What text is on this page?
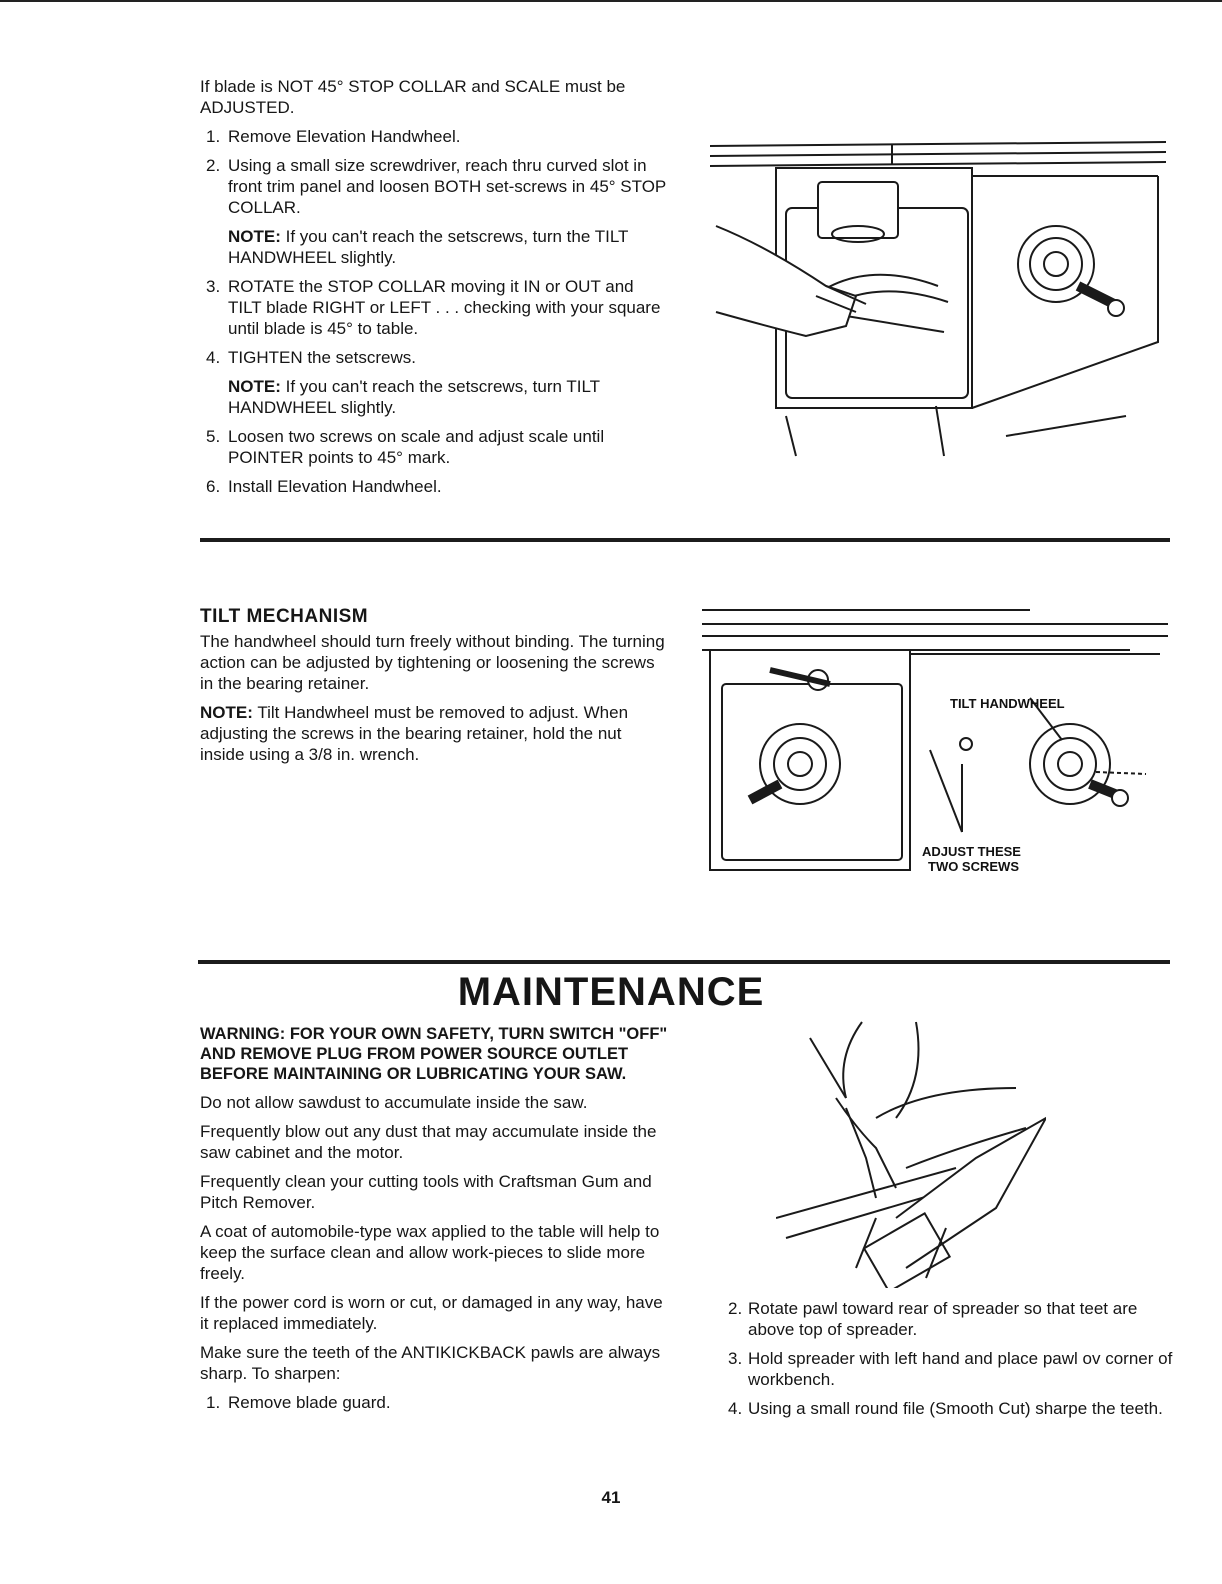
If blade is NOT 45° STOP COLLAR and SCALE must be ADJUSTED.

1. Remove Elevation Handwheel.
2. Using a small size screwdriver, reach thru curved slot in front trim panel and loosen BOTH set-screws in 45° STOP COLLAR.
NOTE: If you can't reach the setscrews, turn the TILT HANDWHEEL slightly.
3. ROTATE the STOP COLLAR moving it IN or OUT and TILT blade RIGHT or LEFT . . . checking with your square until blade is 45° to table.
4. TIGHTEN the setscrews.
NOTE: If you can't reach the setscrews, turn TILT HANDWHEEL slightly.
5. Loosen two screws on scale and adjust scale until POINTER points to 45° mark.
6. Install Elevation Handwheel.
TILT MECHANISM

The handwheel should turn freely without binding. The turning action can be adjusted by tightening or loosening the screws in the bearing retainer.

NOTE: Tilt Handwheel must be removed to adjust. When adjusting the screws in the bearing retainer, hold the nut inside using a 3/8 in. wrench.

TILT HANDWHEEL
ADJUST THESE
TWO SCREWS
MAINTENANCE
WARNING: FOR YOUR OWN SAFETY, TURN SWITCH "OFF" AND REMOVE PLUG FROM POWER SOURCE OUTLET BEFORE MAINTAINING OR LUBRICATING YOUR SAW.

Do not allow sawdust to accumulate inside the saw.

Frequently blow out any dust that may accumulate inside the saw cabinet and the motor.

Frequently clean your cutting tools with Craftsman Gum and Pitch Remover.

A coat of automobile-type wax applied to the table will help to keep the surface clean and allow work-pieces to slide more freely.

If the power cord is worn or cut, or damaged in any way, have it replaced immediately.

Make sure the teeth of the ANTIKICKBACK pawls are always sharp. To sharpen:

1. Remove blade guard.
2. Rotate pawl toward rear of spreader so that teet are above top of spreader.
3. Hold spreader with left hand and place pawl ov corner of workbench.
4. Using a small round file (Smooth Cut) sharpe the teeth.
41
